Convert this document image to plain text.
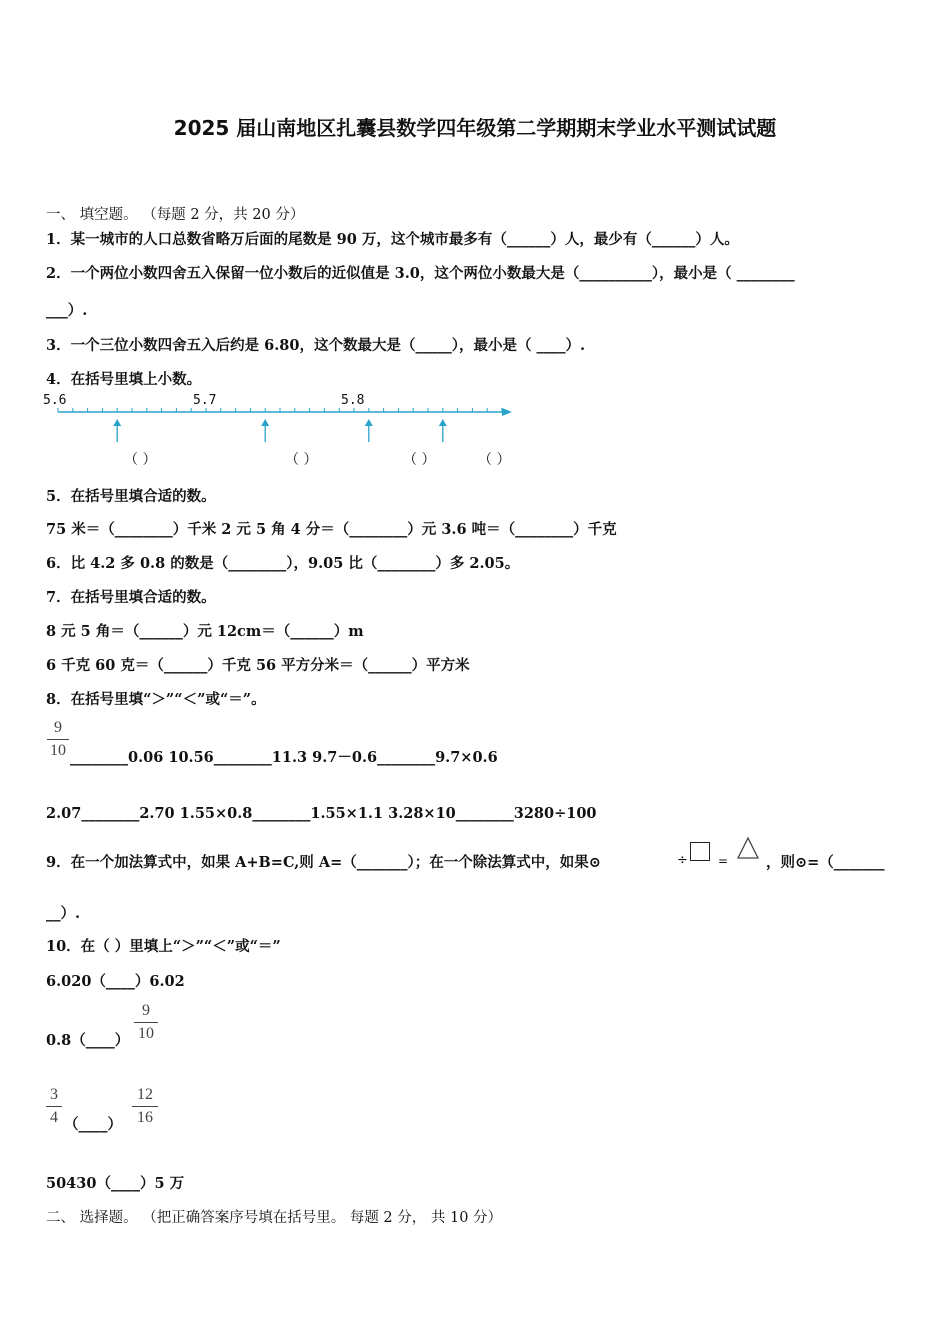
2025 届山南地区扎囊县数学四年级第二学期期末学业水平测试试题
一、 填空题。 （每题 2 分，共 20 分）
1．某一城市的人口总数省略万后面的尾数是 90 万，这个城市最多有（______）人，最少有（______）人。
2．一个两位小数四舍五入保留一位小数后的近似值是 3.0，这个两位小数最大是（__________），最小是（ ________
___）.
3．一个三位小数四舍五入后约是 6.80，这个数最大是（_____），最小是（ ____）.
4．在括号里填上小数。
5.6	5.7	5.8
（ ）	（ ）	（ ）	（ ）
5．在括号里填合适的数。
75 米＝（________）千米 2 元 5 角 4 分＝（________）元 3.6 吨＝（________）千克
6．比 4.2 多 0.8 的数是（________），9.05 比（________）多 2.05。
7．在括号里填合适的数。
8 元 5 角＝（______）元 12cm＝（______）m
6 千克 60 克＝（______）千克 56 平方分米＝（______）平方米
8．在括号里填“＞”“＜”或“＝”。
9
10 ________0.06 10.56________11.3 9.7－0.6________9.7×0.6
2.07________2.70 1.55×0.8________1.55×1.1 3.28×10________3280÷100
9．在一个加法算式中，如果 A+B=C,则 A=（_______）；在一个除法算式中，如果⊙	÷	=	，则⊙=（_______
__）.
10．在（ ）里填上“＞”“＜”或“＝”
6.020（____）6.02
0.8（____）
9
10
3
4 （____）
12
16
50430（____）5 万
二、 选择题。 （把正确答案序号填在括号里。 每题 2 分， 共 10 分）
